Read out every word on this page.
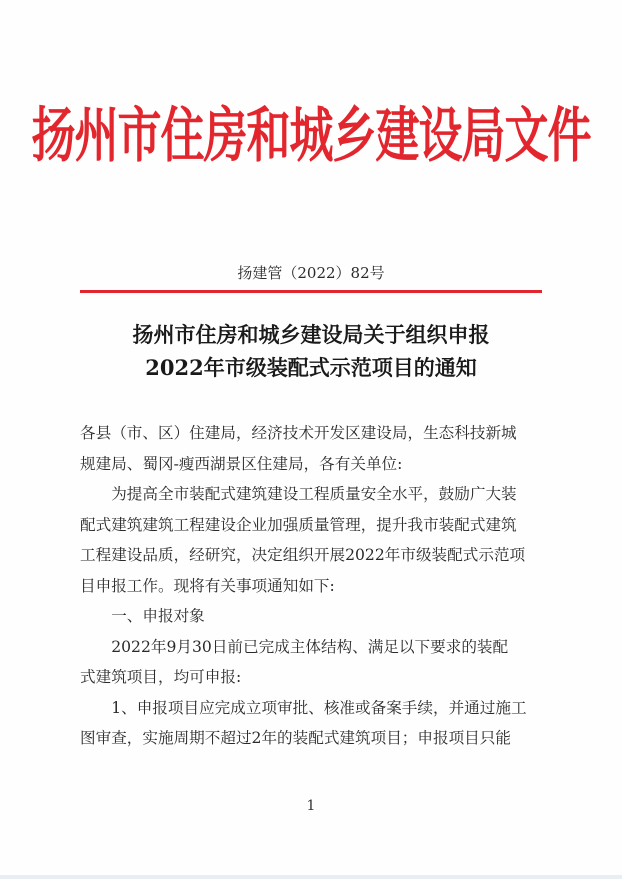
扬州市住房和城乡建设局文件
扬建管（2022）82号
扬州市住房和城乡建设局关于组织申报
2022年市级装配式示范项目的通知

各县（市、区）住建局，经济技术开发区建设局，生态科技新城

规建局、蜀冈-瘦西湖景区住建局，各有关单位:

为提高全市装配式建筑建设工程质量安全水平，鼓励广大装

配式建筑建筑工程建设企业加强质量管理，提升我市装配式建筑

工程建设品质，经研究，决定组织开展2022年市级装配式示范项

目申报工作。现将有关事项通知如下:

一、申报对象

2022年9月30日前已完成主体结构、满足以下要求的装配

式建筑项目，均可申报:

1、申报项目应完成立项审批、核准或备案手续，并通过施工

图审查，实施周期不超过2年的装配式建筑项目；申报项目只能

1
